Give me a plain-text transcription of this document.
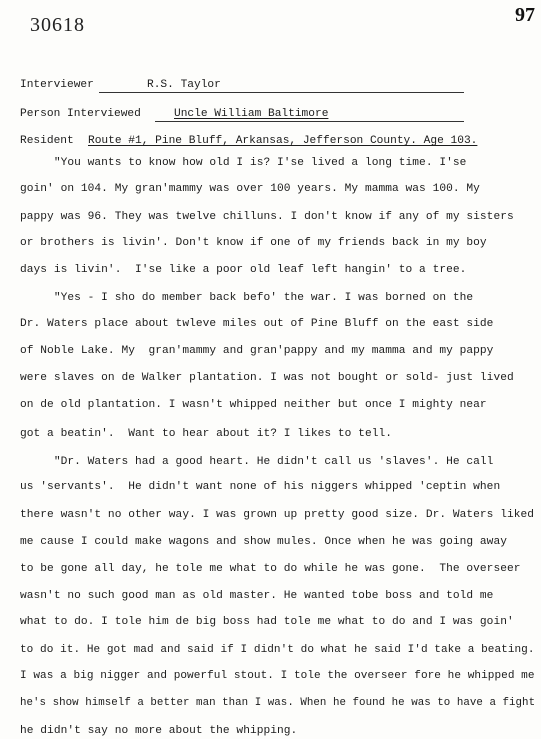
30618	97
Interviewer	R.S. Taylor
Person Interviewed	Uncle William Baltimore
Resident Route #1, Pine Bluff, Arkansas, Jefferson County. Age 103.
"You wants to know how old I is? I'se lived a long time. I'se
goin' on 104. My gran'mammy was over 100 years. My mamma was 100. My
pappy was 96. They was twelve chilluns. I don't know if any of my sisters
or brothers is livin'. Don't know if one of my friends back in my boy
days is livin'.  I'se like a poor old leaf left hangin' to a tree.
"Yes - I sho do member back befo' the war. I was borned on the
Dr. Waters place about twleve miles out of Pine Bluff on the east side
of Noble Lake. My  gran'mammy and gran'pappy and my mamma and my pappy
were slaves on de Walker plantation. I was not bought or sold- just lived
on de old plantation. I wasn't whipped neither but once I mighty near
got a beatin'.  Want to hear about it? I likes to tell.
"Dr. Waters had a good heart. He didn't call us 'slaves'. He call
us 'servants'.  He didn't want none of his niggers whipped 'ceptin when
there wasn't no other way. I was grown up pretty good size. Dr. Waters liked
me cause I could make wagons and show mules. Once when he was going away
to be gone all day, he tole me what to do while he was gone.  The overseer
wasn't no such good man as old master. He wanted tobe boss and told me
what to do. I tole him de big boss had tole me what to do and I was goin'
to do it. He got mad and said if I didn't do what he said I'd take a beating.
I was a big nigger and powerful stout. I tole the overseer fore he whipped me
he's show himself a better man than I was. When he found he was to have a fight
he didn't say no more about the whipping.
